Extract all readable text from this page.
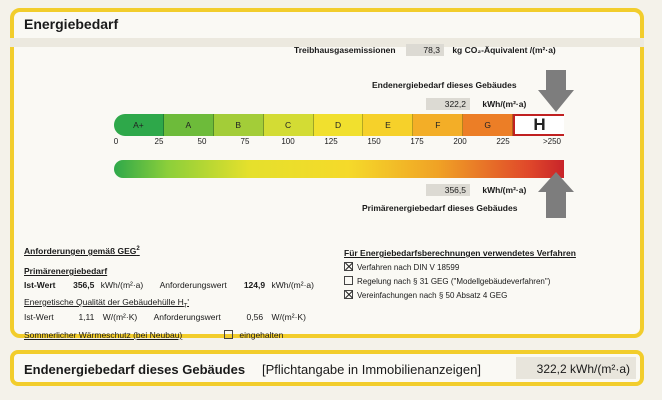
Energiebedarf
Treibhausgasemissionen	78,3 kg CO₂-Äquivalent /(m²·a)
Endenergiebedarf dieses Gebäudes
322,2 kWh/(m²·a)
A+	A	B	C	D	E	F	G	H
0	25	50	75	100	125	150	175	200	225	>250
356,5 kWh/(m²·a)
Primärenergiebedarf dieses Gebäudes
Anforderungen gemäß GEG$^2$
Primärenergiebedarf
Ist-Wert 356,5 kWh/(m²·a) Anforderungswert 124,9 kWh/(m²·a)
Energetische Qualität der Gebäudehülle $H_T'$
Ist-Wert	1,11 W/(m²·K) Anforderungswert	0,56 W/(m²·K)
Sommerlicher Wärmeschutz (bei Neubau)	eingehalten
Für Energiebedarfsberechnungen verwendetes Verfahren
Verfahren nach DIN V 18599
Regelung nach § 31 GEG ("Modellgebäudeverfahren")
Vereinfachungen nach § 50 Absatz 4 GEG
Endenergiebedarf dieses Gebäudes [Pflichtangabe in Immobilienanzeigen]	322,2 kWh/(m²·a)
